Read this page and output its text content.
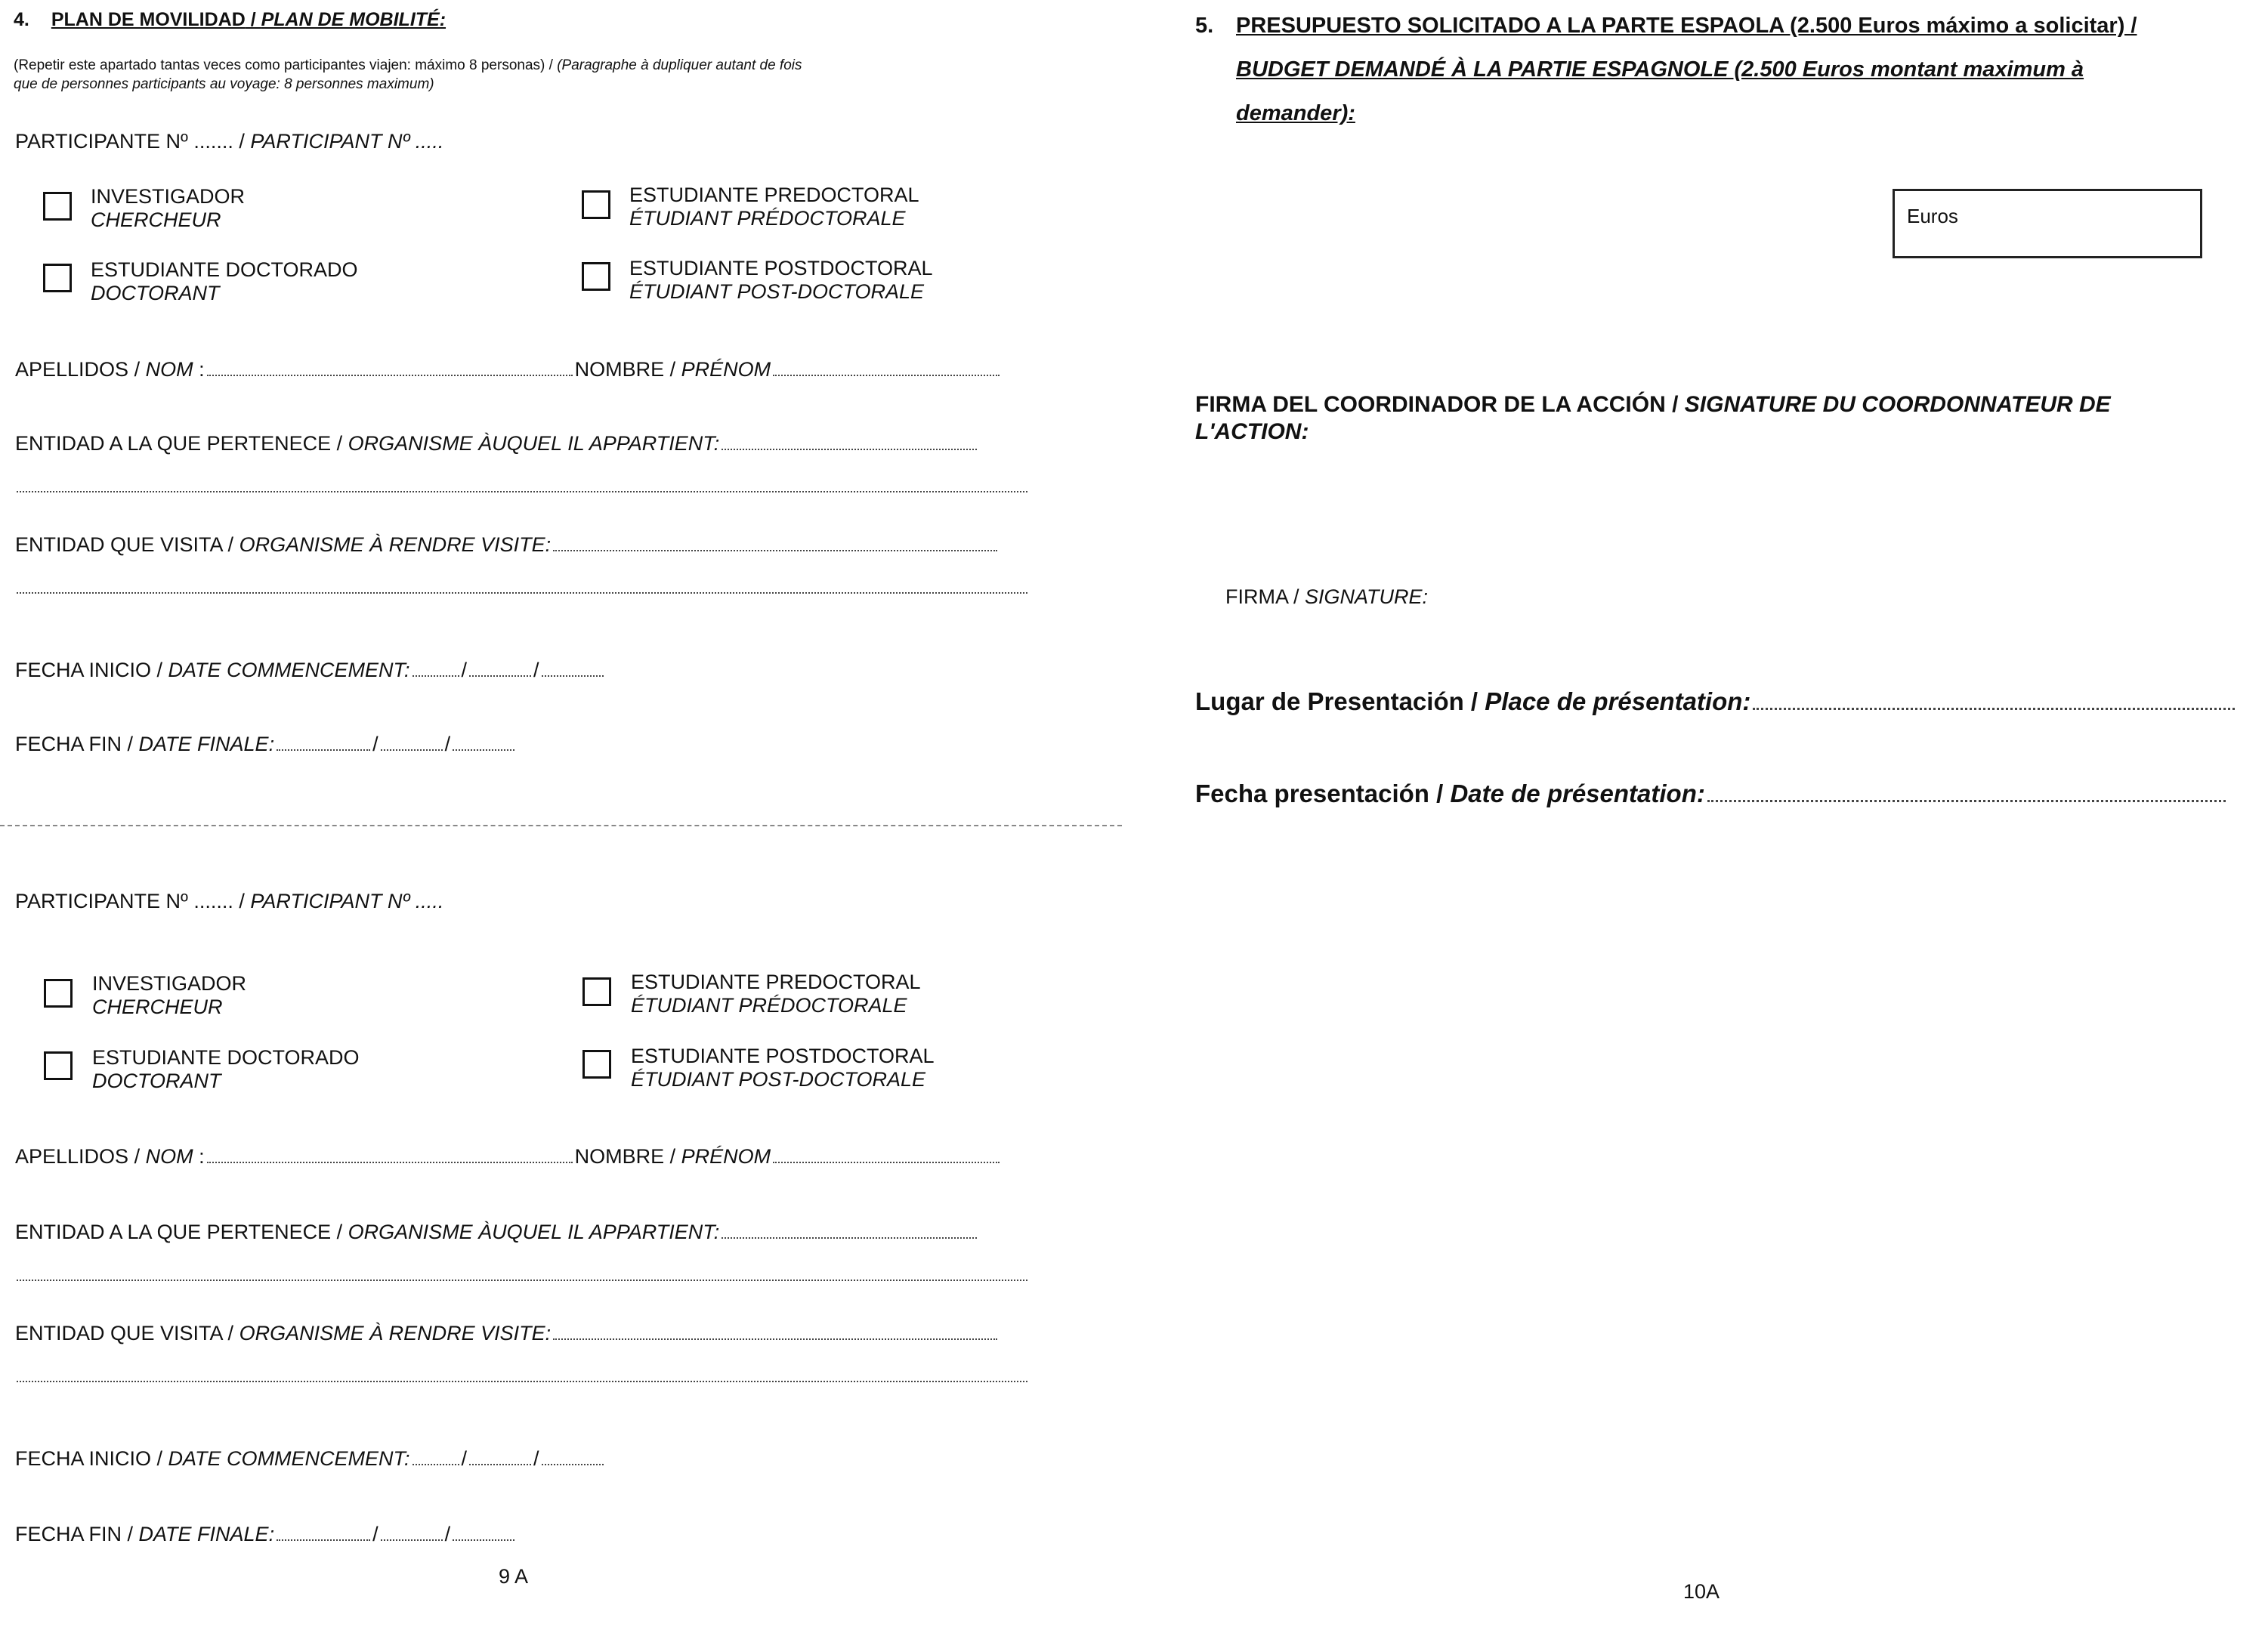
4. PLAN DE MOVILIDAD / PLAN DE MOBILITÉ:
(Repetir este apartado tantas veces como participantes viajen: máximo 8 personas) / (Paragraphe à dupliquer autant de fois
que de personnes participants au voyage: 8 personnes maximum)
PARTICIPANTE Nº ....... / PARTICIPANT Nº .....
INVESTIGADOR
CHERCHEUR
ESTUDIANTE PREDOCTORAL
ÉTUDIANT PRÉDOCTORALE
ESTUDIANTE DOCTORADO
DOCTORANT
ESTUDIANTE POSTDOCTORAL
ÉTUDIANT POST-DOCTORALE
APELLIDOS / NOM :	NOMBRE / PRÉNOM
ENTIDAD A LA QUE PERTENECE / ORGANISME ÀUQUEL IL APPARTIENT:
ENTIDAD QUE VISITA / ORGANISME À RENDRE VISITE:
FECHA INICIO / DATE COMMENCEMENT:	/	/
FECHA FIN / DATE FINALE:	/	/
PARTICIPANTE Nº ....... / PARTICIPANT Nº .....
INVESTIGADOR
CHERCHEUR
ESTUDIANTE PREDOCTORAL
ÉTUDIANT PRÉDOCTORALE
ESTUDIANTE DOCTORADO
DOCTORANT
ESTUDIANTE POSTDOCTORAL
ÉTUDIANT POST-DOCTORALE
APELLIDOS / NOM :	NOMBRE / PRÉNOM
ENTIDAD A LA QUE PERTENECE / ORGANISME ÀUQUEL IL APPARTIENT:
ENTIDAD QUE VISITA / ORGANISME À RENDRE VISITE:
FECHA INICIO / DATE COMMENCEMENT:	/	/
FECHA FIN / DATE FINALE:	/	/
9 A
5. PRESUPUESTO SOLICITADO A LA PARTE ESPAOLA (2.500 Euros máximo a solicitar) /
BUDGET DEMANDÉ À LA PARTIE ESPAGNOLE (2.500 Euros montant maximum à
demander):
Euros
FIRMA DEL COORDINADOR DE LA ACCIÓN / SIGNATURE DU COORDONNATEUR DE
L'ACTION:
FIRMA / SIGNATURE:
Lugar de Presentación / Place de présentation:
Fecha presentación / Date de présentation:
10A
